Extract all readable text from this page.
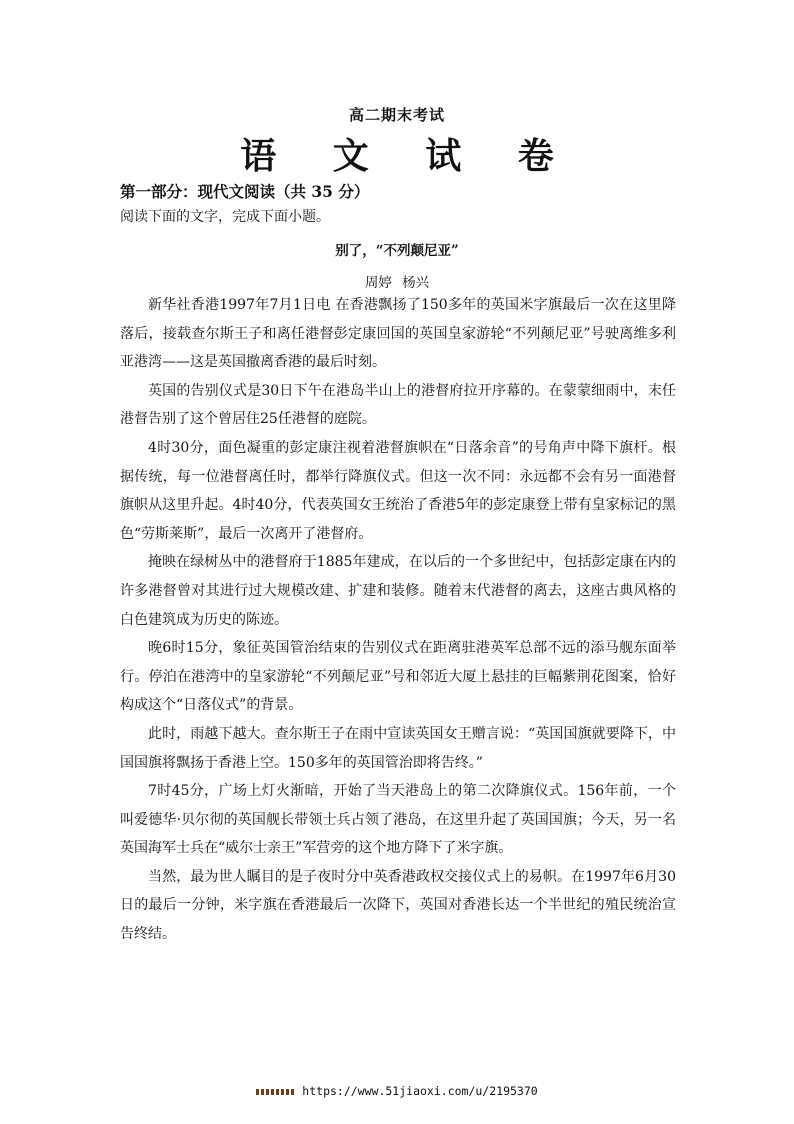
高二期末考试
语 文 试 卷
第一部分：现代文阅读（共 35 分）
阅读下面的文字，完成下面小题。
别了，“不列颠尼亚”
周婷 杨兴

新华社香港1997年7月1日电 在香港飘扬了150多年的英国米字旗最后一次在这里降落后，接载查尔斯王子和离任港督彭定康回国的英国皇家游轮“不列颠尼亚”号驶离维多利亚港湾——这是英国撤离香港的最后时刻。

英国的告别仪式是30日下午在港岛半山上的港督府拉开序幕的。在蒙蒙细雨中，末任港督告别了这个曾居住25任港督的庭院。

4时30分，面色凝重的彭定康注视着港督旗帜在“日落余音”的号角声中降下旗杆。根据传统，每一位港督离任时，都举行降旗仪式。但这一次不同：永远都不会有另一面港督旗帜从这里升起。4时40分，代表英国女王统治了香港5年的彭定康登上带有皇家标记的黑色“劳斯莱斯”，最后一次离开了港督府。

掩映在绿树丛中的港督府于1885年建成，在以后的一个多世纪中，包括彭定康在内的许多港督曾对其进行过大规模改建、扩建和装修。随着末代港督的离去，这座古典风格的白色建筑成为历史的陈迹。

晚6时15分，象征英国管治结束的告别仪式在距离驻港英军总部不远的添马舰东面举行。停泊在港湾中的皇家游轮“不列颠尼亚”号和邻近大厦上悬挂的巨幅紫荆花图案，恰好构成这个“日落仪式”的背景。

此时，雨越下越大。查尔斯王子在雨中宣读英国女王赠言说：“英国国旗就要降下，中国国旗将飘扬于香港上空。150多年的英国管治即将告终。”

7时45分，广场上灯火渐暗，开始了当天港岛上的第二次降旗仪式。156年前，一个叫爱德华·贝尔彻的英国舰长带领士兵占领了港岛，在这里升起了英国国旗；今天，另一名英国海军士兵在“威尔士亲王”军营旁的这个地方降下了米字旗。

当然，最为世人瞩目的是子夜时分中英香港政权交接仪式上的易帜。在1997年6月30日的最后一分钟，米字旗在香港最后一次降下，英国对香港长达一个半世纪的殖民统治宣告终结。

https://www.51jiaoxi.com/u/2195370
